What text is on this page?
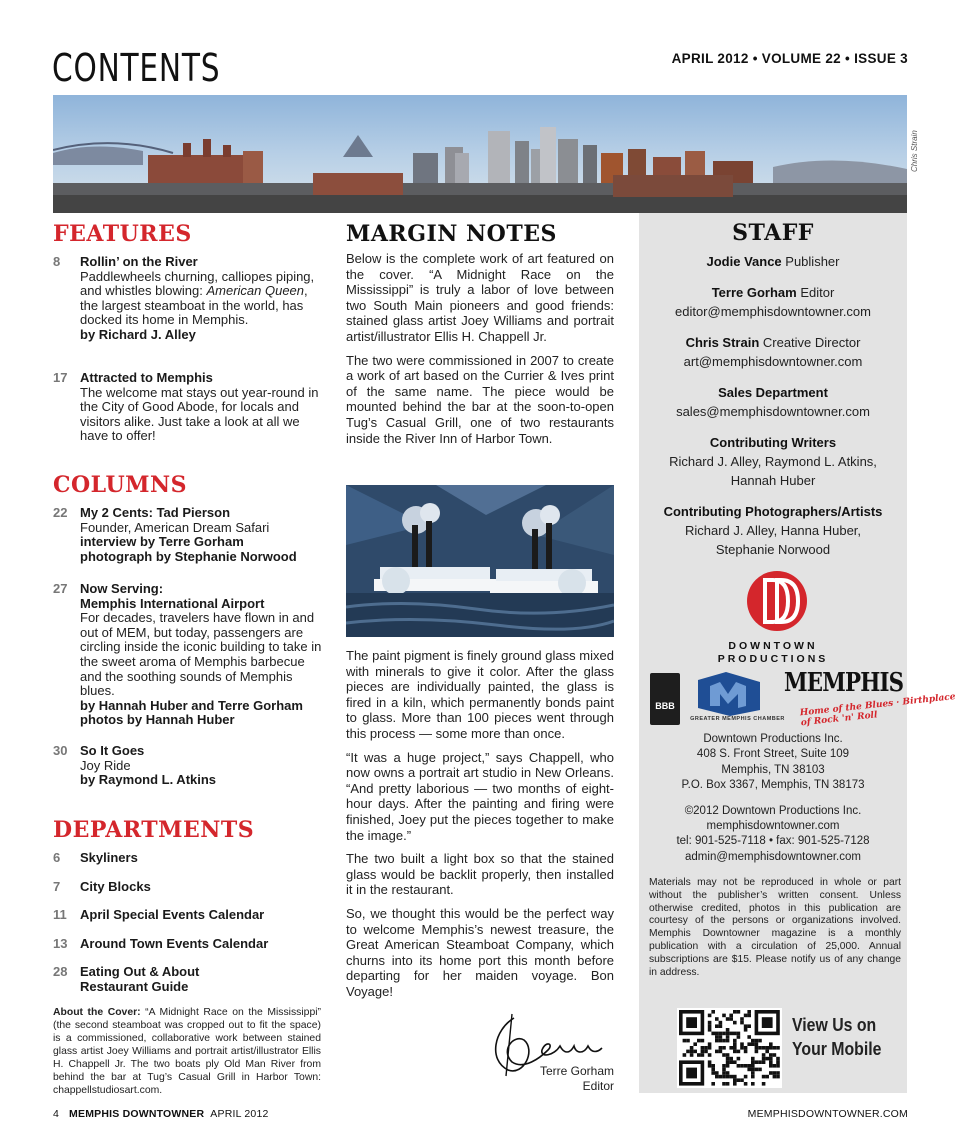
CONTENTS	APRIL 2012 • VOLUME 22 • ISSUE 3
Chris Strain
FEATURES
8	Rollin’ on the River
Paddlewheels churning, calliopes piping, and whistles blowing: American Queen, the largest steamboat in the world, has docked its home in Memphis.
by Richard J. Alley
17 Attracted to Memphis
The welcome mat stays out year-round in the City of Good Abode, for locals and visitors alike. Just take a look at all we have to offer!
COLUMNS
22 My 2 Cents: Tad Pierson
Founder, American Dream Safari
interview by Terre Gorham
photograph by Stephanie Norwood
27 Now Serving:
Memphis International Airport
For decades, travelers have flown in and out of MEM, but today, passengers are circling inside the iconic building to take in the sweet aroma of Memphis barbecue and the soothing sounds of Memphis blues.
by Hannah Huber and Terre Gorham
photos by Hannah Huber
30 So It Goes
Joy Ride
by Raymond L. Atkins
DEPARTMENTS
6	Skyliners
7	City Blocks
11	April Special Events Calendar
13 Around Town Events Calendar
28 Eating Out & About
Restaurant Guide
About the Cover: “A Midnight Race on the Mississippi” (the second steamboat was cropped out to fit the space) is a commissioned, collaborative work between stained glass artist Joey Williams and portrait artist/illustrator Ellis H. Chappell Jr. The two boats ply Old Man River from behind the bar at Tug’s Casual Grill in Harbor Town: chappellstudiosart.com.
MARGIN NOTES

Below is the complete work of art featured on the cover. “A Midnight Race on the Mississippi” is truly a labor of love between two South Main pioneers and good friends: stained glass artist Joey Williams and portrait artist/illustrator Ellis H. Chappell Jr.

The two were commissioned in 2007 to create a work of art based on the Currier & Ives print of the same name. The piece would be mounted behind the bar at the soon-to-open Tug’s Casual Grill, one of two restaurants inside the River Inn of Harbor Town.

The paint pigment is finely ground glass mixed with minerals to give it color. After the glass pieces are individually painted, the glass is fired in a kiln, which permanently bonds paint to glass. More than 100 pieces went through this process — some more than once.

“It was a huge project,” says Chappell, who now owns a portrait art studio in New Orleans. “And pretty laborious — two months of eight-hour days. After the painting and firing were finished, Joey put the pieces together to make the image.”

The two built a light box so that the stained glass would be backlit properly, then installed it in the restaurant.

So, we thought this would be the perfect way to welcome Memphis’s newest treasure, the Great American Steamboat Company, which churns into its home port this month before departing for her maiden voyage. Bon Voyage!

Terre Gorham
Editor
STAFF
Jodie Vance Publisher
Terre Gorham Editor
editor@memphisdowntowner.com
Chris Strain Creative Director
art@memphisdowntowner.com
Sales Department
sales@memphisdowntowner.com
Contributing Writers
Richard J. Alley, Raymond L. Atkins,
Hannah Huber
Contributing Photographers/Artists
Richard J. Alley, Hanna Huber,
Stephanie Norwood
DOWNTOWN
PRODUCTIONS
BBB
GREATER MEMPHIS CHAMBER
MEMPHIS
Home of the Blues · Birthplace of Rock 'n' Roll
Downtown Productions Inc.
408 S. Front Street, Suite 109
Memphis, TN 38103
P.O. Box 3367, Memphis, TN 38173
©2012 Downtown Productions Inc.
memphisdowntowner.com
tel: 901-525-7118 • fax: 901-525-7128
admin@memphisdowntowner.com
Materials may not be reproduced in whole or part without the publisher’s written consent. Unless otherwise credited, photos in this publication are courtesy of the persons or organizations involved. Memphis Downtowner magazine is a monthly publication with a circulation of 25,000. Annual subscriptions are $15. Please notify us of any change in address.
View Us on
Your Mobile
4 MEMPHIS DOWNTOWNER APRIL 2012	MEMPHISDOWNTOWNER.COM
